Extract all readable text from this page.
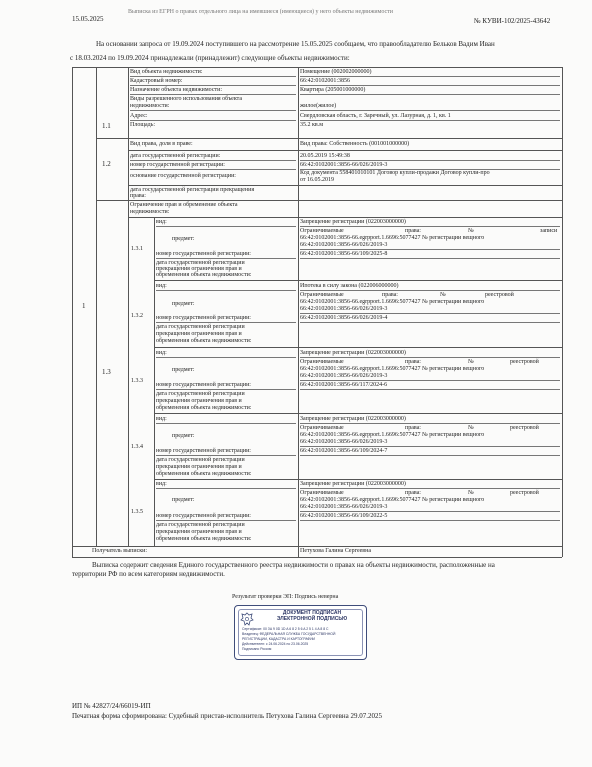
15.05.2025
Выписка из ЕГРН о правах отдельного лица на имевшиеся (имеющиеся) у него объекты недвижимости
№ КУВИ-102/2025-43642
На основании запроса от 19.09.2024 поступившего на рассмотрение 15.05.2025 сообщаем, что правообладателю Бельков Вадим Иван
с 18.03.2024 по 19.09.2024 принадлежали (принадлежит) следующие объекты недвижимости:
1
1.1
Вид объекта недвижимости:	Помещение (002002000000)
Кадастровый номер:	66:42:0102001:3856
Назначение объекта недвижимости:	Квартира (205001000000)
Виды разрешенного использования объекта
недвижимости:	жилое(жилое)
Адрес:	Свердловская область, г. Заречный, ул. Лазурная, д. 1, кв. 1
Площадь:	35.2 кв.м
1.2
Вид права, доля в праве:	Вид права: Собственность (001001000000)
дата государственной регистрации:	20.05.2019 15:49:38
номер государственной регистрации:	66:42:0102001:3856-66/026/2019-3
основание государственной регистрации:	Код документа 558401010101 Договор купли-продажи Договор купли-про
от 16.05.2019
дата государственной регистрации прекращения
права:
1.3
Ограничение прав и обременение объекта
недвижимости:
1.3.1
вид:	Запрещение регистрации (022003000000)
предмет:
Ограничиваемые	права:	№	записи
66:42:0102001:3856-66.egrpport.1.6696:5077427 № регистрации вещного
66:42:0102001:3856-66/026/2019-3
номер государственной регистрации:	66:42:0102001:3856-66/109/2025-8
дата государственной регистрации
прекращения ограничения прав и
обременения объекта недвижимости:
1.3.2
вид:	Ипотека в силу закона (022006000000)
предмет:
Ограничиваемые	права:	№	реестровой
66:42:0102001:3856-66.egrpport.1.6696:5077427 № регистрации вещного
66:42:0102001:3856-66/026/2019-3
номер государственной регистрации:	66:42:0102001:3856-66/026/2019-4
дата государственной регистрации
прекращения ограничения прав и
обременения объекта недвижимости:
1.3.3
вид:	Запрещение регистрации (022003000000)
предмет:
Ограничиваемые	права:	№	реестровой
66:42:0102001:3856-66.egrpport.1.6696:5077427 № регистрации вещного
66:42:0102001:3856-66/026/2019-3
номер государственной регистрации:	66:42:0102001:3856-66/117/2024-6
дата государственной регистрации
прекращения ограничения прав и
обременения объекта недвижимости:
1.3.4
вид:	Запрещение регистрации (022003000000)
предмет:
Ограничиваемые	права:	№	реестровой
66:42:0102001:3856-66.egrpport.1.6696:5077427 № регистрации вещного
66:42:0102001:3856-66/026/2019-3
номер государственной регистрации:	66:42:0102001:3856-66/109/2024-7
дата государственной регистрации
прекращения ограничения прав и
обременения объекта недвижимости:
1.3.5
вид:	Запрещение регистрации (022003000000)
предмет:
Ограничиваемые	права:	№	реестровой
66:42:0102001:3856-66.egrpport.1.6696:5077427 № регистрации вещного
66:42:0102001:3856-66/026/2019-3
номер государственной регистрации:	66:42:0102001:3856-66/109/2022-5
дата государственной регистрации
прекращения ограничения прав и
обременения объекта недвижимости:
Получатель выписки:	Петухова Галина Сергеевна
Выписка содержит сведения Единого государственного реестра недвижимости о правах на объекты недвижимости, расположенные на
территории РФ по всем категориям недвижимости.
Результат проверки ЭП: Подпись неверна
ДОКУМЕНТ ПОДПИСАН
ЭЛЕКТРОННОЙ ПОДПИСЬЮ
Сертификат: 00 ЗА 9 0D 1D A 6 8 2 5 6 A 2 5 1 4 A 8 8 C
Владелец: ФЕДЕРАЛЬНАЯ СЛУЖБА ГОСУДАРСТВЕННОЙ
РЕГИСТРАЦИИ, КАДАСТРА И КАРТОГРАФИИ
Действителен: с 24.06.2024 по 23.06.2025
Подписано Россия
ИП № 42827/24/66019-ИП
Печатная форма сформирована: Судебный пристав-исполнитель Петухова Галина Сергеевна 29.07.2025
